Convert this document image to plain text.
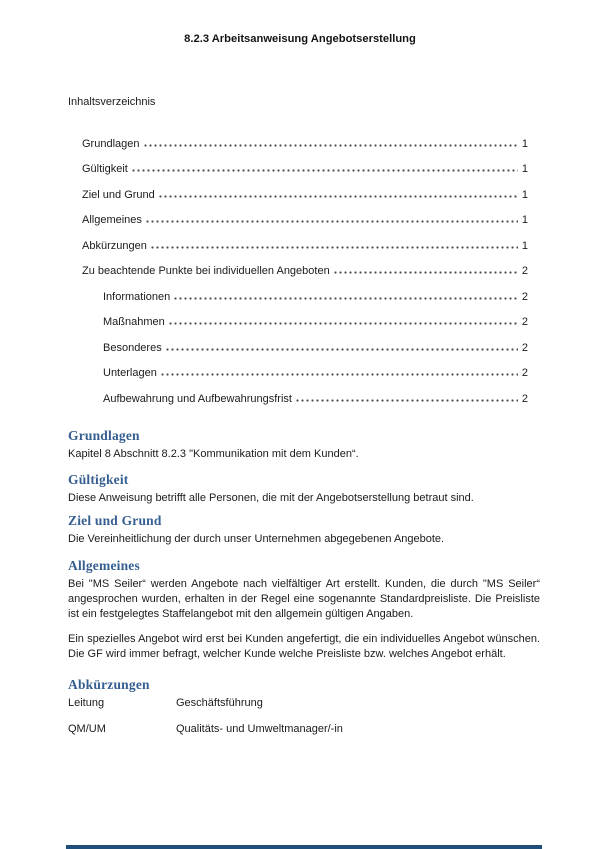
8.2.3 Arbeitsanweisung Angebotserstellung
Inhaltsverzeichnis
Grundlagen	1
Gültigkeit	1
Ziel und Grund	1
Allgemeines	1
Abkürzungen	1
Zu beachtende Punkte bei individuellen Angeboten	2
Informationen	2
Maßnahmen	2
Besonderes	2
Unterlagen	2
Aufbewahrung und Aufbewahrungsfrist	2
Grundlagen

Kapitel 8 Abschnitt 8.2.3 "Kommunikation mit dem Kunden“.

Gültigkeit

Diese Anweisung betrifft alle Personen, die mit der Angebotserstellung betraut sind.

Ziel und Grund

Die Vereinheitlichung der durch unser Unternehmen abgegebenen Angebote.

Allgemeines

Bei "MS Seiler“ werden Angebote nach vielfältiger Art erstellt. Kunden, die durch "MS Seiler“ angesprochen wurden, erhalten in der Regel eine sogenannte Standardpreisliste. Die Preisliste ist ein festgelegtes Staffelangebot mit den allgemein gültigen Angaben.

Ein spezielles Angebot wird erst bei Kunden angefertigt, die ein individuelles Angebot wünschen. Die GF wird immer befragt, welcher Kunde welche Preisliste bzw. welches Angebot erhält.

Abkürzungen
Leitung	Geschäftsführung
QM/UM	Qualitäts- und Umweltmanager/-in
